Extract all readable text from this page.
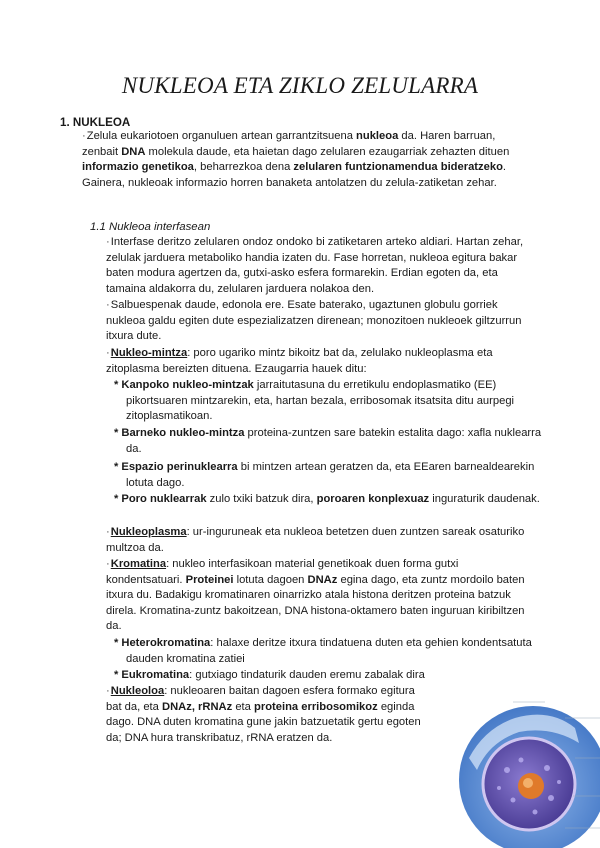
NUKLEOA ETA ZIKLO ZELULARRA
1. NUKLEOA

·Zelula eukariotoen organuluen artean garrantzitsuena nukleoa da. Haren barruan, zenbait DNA molekula daude, eta haietan dago zelularen ezaugarriak zehazten dituen informazio genetikoa, beharrezkoa dena zelularen funtzionamendua bideratzeko. Gainera, nukleoak informazio horren banaketa antolatzen du zelula-zatiketan zehar.

1.1 Nukleoa interfasean

·Interfase deritzo zelularen ondoz ondoko bi zatiketaren arteko aldiari. Hartan zehar, zelulak jarduera metaboliko handia izaten du. Fase horretan, nukleoa egitura bakar baten modura agertzen da, gutxi-asko esfera formarekin. Erdian egoten da, eta tamaina aldakorra du, zelularen jarduera nolakoa den.

·Salbuespenak daude, edonola ere. Esate baterako, ugaztunen globulu gorriek nukleoa galdu egiten dute espezializatzen direnean; monozitoen nukleoek giltzurrun itxura dute.

·Nukleo-mintza: poro ugariko mintz bikoitz bat da, zelulako nukleoplasma eta zitoplasma bereizten dituena. Ezaugarria hauek ditu:

* Kanpoko nukleo-mintzak jarraitutasuna du erretikulu endoplasmatiko (EE) pikortsuaren mintzarekin, eta, hartan bezala, erribosomak itsatsita ditu aurpegi zitoplasmatikoan.

* Barneko nukleo-mintza proteina-zuntzen sare batekin estalita dago: xafla nuklearra da.

* Espazio perinuklearra bi mintzen artean geratzen da, eta EEaren barnealdearekin lotuta dago.

* Poro nuklearrak zulo txiki batzuk dira, poroaren konplexuaz inguraturik daudenak.

·Nukleoplasma: ur-inguruneak eta nukleoa betetzen duen zuntzen sareak osaturiko multzoa da.

·Kromatina: nukleo interfasikoan material genetikoak duen forma gutxi kondentsatuari. Proteinei lotuta dagoen DNAz egina dago, eta zuntz mordoilo baten itxura du. Badakigu kromatinaren oinarrizko atala histona deritzen proteina batzuk direla. Kromatina-zuntz bakoitzean, DNA histona-oktamero baten inguruan kiribiltzen da.

* Heterokromatina: halaxe deritze itxura tindatuena duten eta gehien kondentsatuta dauden kromatina zatiei

* Eukromatina: gutxiago tindaturik dauden eremu zabalak dira

·Nukleoloa: nukleoaren baitan dagoen esfera formako egitura bat da, eta DNAz, rRNAz eta proteina erribosomikoz eginda dago. DNA duten kromatina gune jakin batzuetatik gertu egoten da; DNA hura transkribatuz, rRNA eratzen da.
